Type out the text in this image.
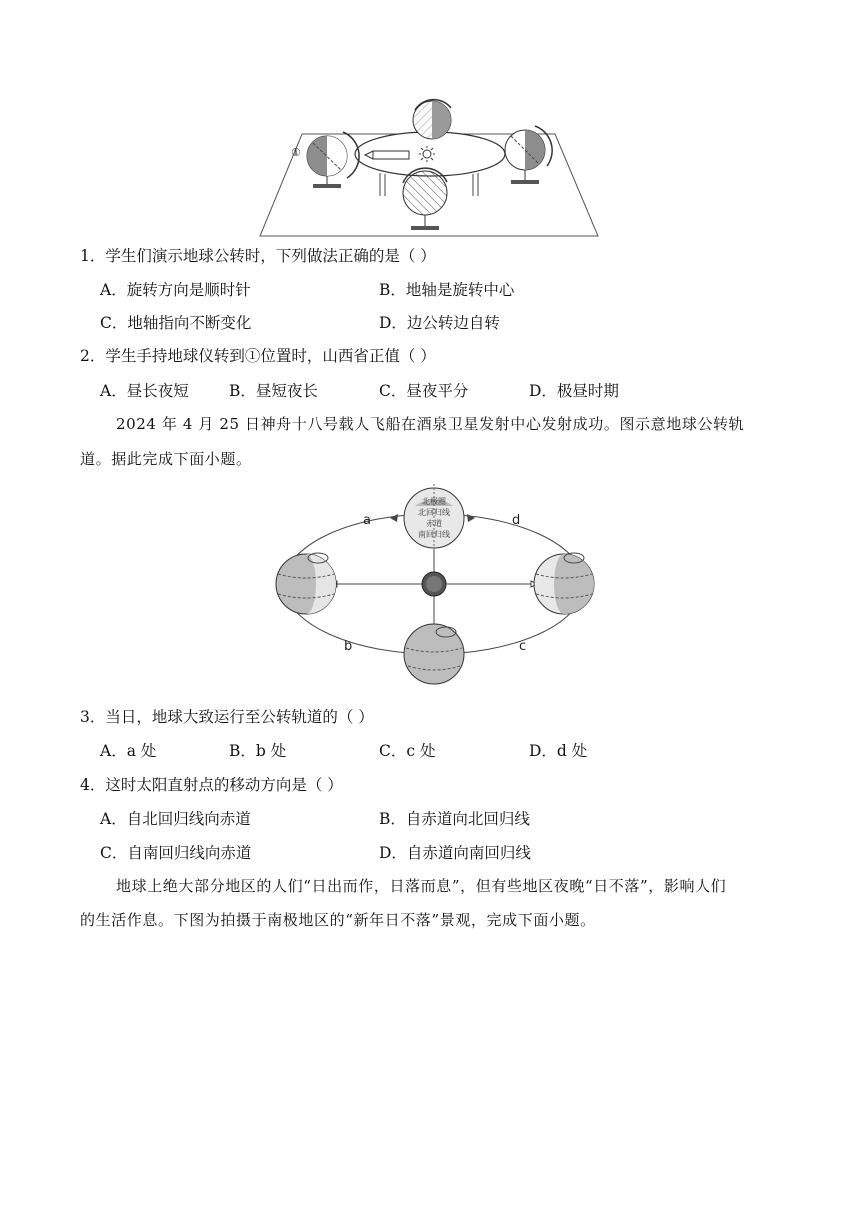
①
1．学生们演示地球公转时，下列做法正确的是（ ）
A．旋转方向是顺时针	B．地轴是旋转中心
C．地轴指向不断变化	D．边公转边自转
2．学生手持地球仪转到①位置时，山西省正值（ ）
A．昼长夜短	B．昼短夜长	C．昼夜平分	D．极昼时期
2024 年 4 月 25 日神舟十八号载人飞船在酒泉卫星发射中心发射成功。图示意地球公转轨
道。据此完成下面小题。
北极圈
北回归线
赤道
南回归线
a	d
b	c
3．当日，地球大致运行至公转轨道的（ ）
A．a 处	B．b 处	C．c 处	D．d 处
4．这时太阳直射点的移动方向是（ ）
A．自北回归线向赤道	B．自赤道向北回归线
C．自南回归线向赤道	D．自赤道向南回归线
地球上绝大部分地区的人们“日出而作，日落而息”，但有些地区夜晚“日不落”，影响人们
的生活作息。下图为拍摄于南极地区的“新年日不落”景观，完成下面小题。
